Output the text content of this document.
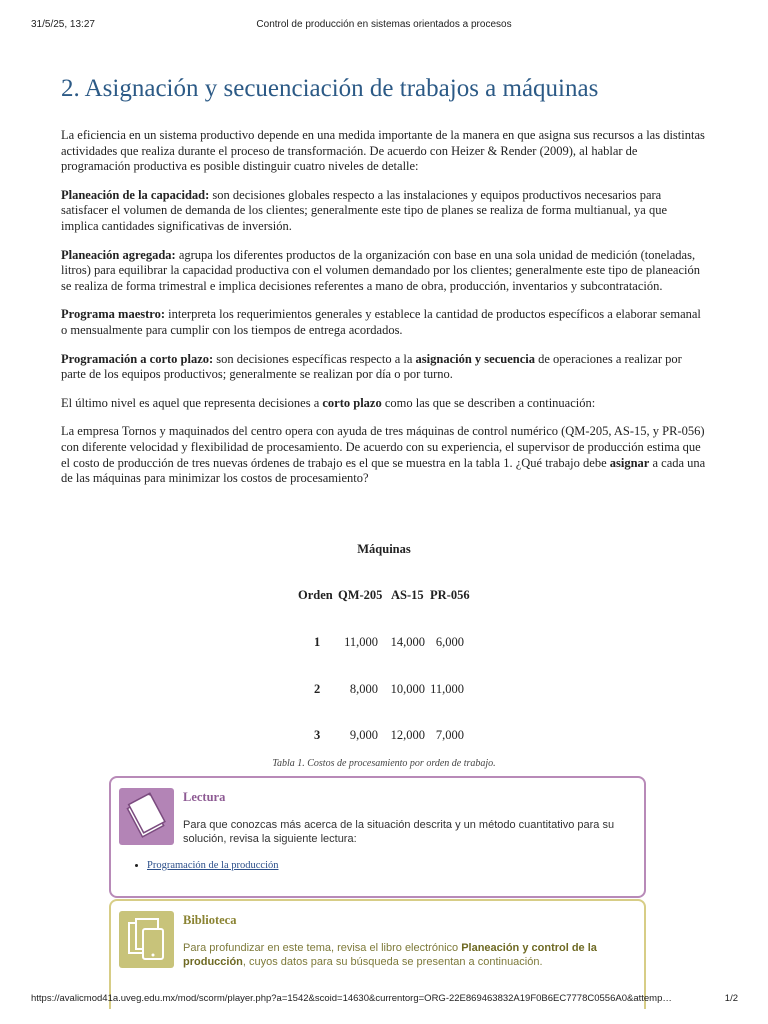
31/5/25, 13:27	Control de producción en sistemas orientados a procesos
2. Asignación y secuenciación de trabajos a máquinas

La eficiencia en un sistema productivo depende en una medida importante de la manera en que asigna sus recursos a las distintas actividades que realiza durante el proceso de transformación. De acuerdo con Heizer & Render (2009), al hablar de programación productiva es posible distinguir cuatro niveles de detalle:

Planeación de la capacidad: son decisiones globales respecto a las instalaciones y equipos productivos necesarios para satisfacer el volumen de demanda de los clientes; generalmente este tipo de planes se realiza de forma multianual, ya que implica cantidades significativas de inversión.

Planeación agregada: agrupa los diferentes productos de la organización con base en una sola unidad de medición (toneladas, litros) para equilibrar la capacidad productiva con el volumen demandado por los clientes; generalmente este tipo de planeación se realiza de forma trimestral e implica decisiones referentes a mano de obra, producción, inventarios y subcontratación.

Programa maestro: interpreta los requerimientos generales y establece la cantidad de productos específicos a elaborar semanal o mensualmente para cumplir con los tiempos de entrega acordados.

Programación a corto plazo: son decisiones específicas respecto a la asignación y secuencia de operaciones a realizar por parte de los equipos productivos; generalmente se realizan por día o por turno.

El último nivel es aquel que representa decisiones a corto plazo como las que se describen a continuación:

La empresa Tornos y maquinados del centro opera con ayuda de tres máquinas de control numérico (QM-205, AS-15, y PR-056) con diferente velocidad y flexibilidad de procesamiento. De acuerdo con su experiencia, el supervisor de producción estima que el costo de producción de tres nuevas órdenes de trabajo es el que se muestra en la tabla 1. ¿Qué trabajo debe asignar a cada una de las máquinas para minimizar los costos de procesamiento?

Máquinas
Orden QM-205 AS-15 PR-056
1 11,000	14,000 6,000
2	8,000	10,000 11,000
3	9,000	12,000 7,000
Tabla 1. Costos de procesamiento por orden de trabajo.
Lectura
Para que conozcas más acerca de la situación descrita y un método cuantitativo para su solución, revisa la siguiente lectura:
• Programación de la producción
Biblioteca
Para profundizar en este tema, revisa el libro electrónico Planeación y control de la producción, cuyos datos para su búsqueda se presentan a continuación.
https://avalicmod41a.uveg.edu.mx/mod/scorm/player.php?a=1542&scoid=14630&currentorg=ORG-22E869463832A19F0B6EC7778C0556A0&attemp…	1/2
